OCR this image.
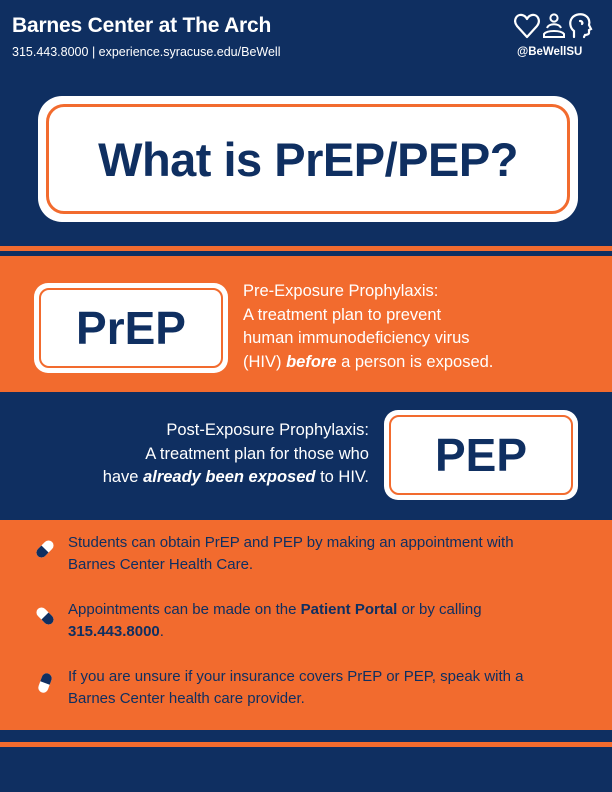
Barnes Center at The Arch
315.443.8000 | experience.syracuse.edu/BeWell	@BeWellSU
What is PrEP/PEP?
PrEP
Pre-Exposure Prophylaxis:
A treatment plan to prevent
human immunodeficiency virus
(HIV) before a person is exposed.
Post-Exposure Prophylaxis:
A treatment plan for those who
have already been exposed to HIV. PEP
Students can obtain PrEP and PEP by making an appointment with
Barnes Center Health Care.
Appointments can be made on the Patient Portal or by calling
315.443.8000.
If you are unsure if your insurance covers PrEP or PEP, speak with a
Barnes Center health care provider.
